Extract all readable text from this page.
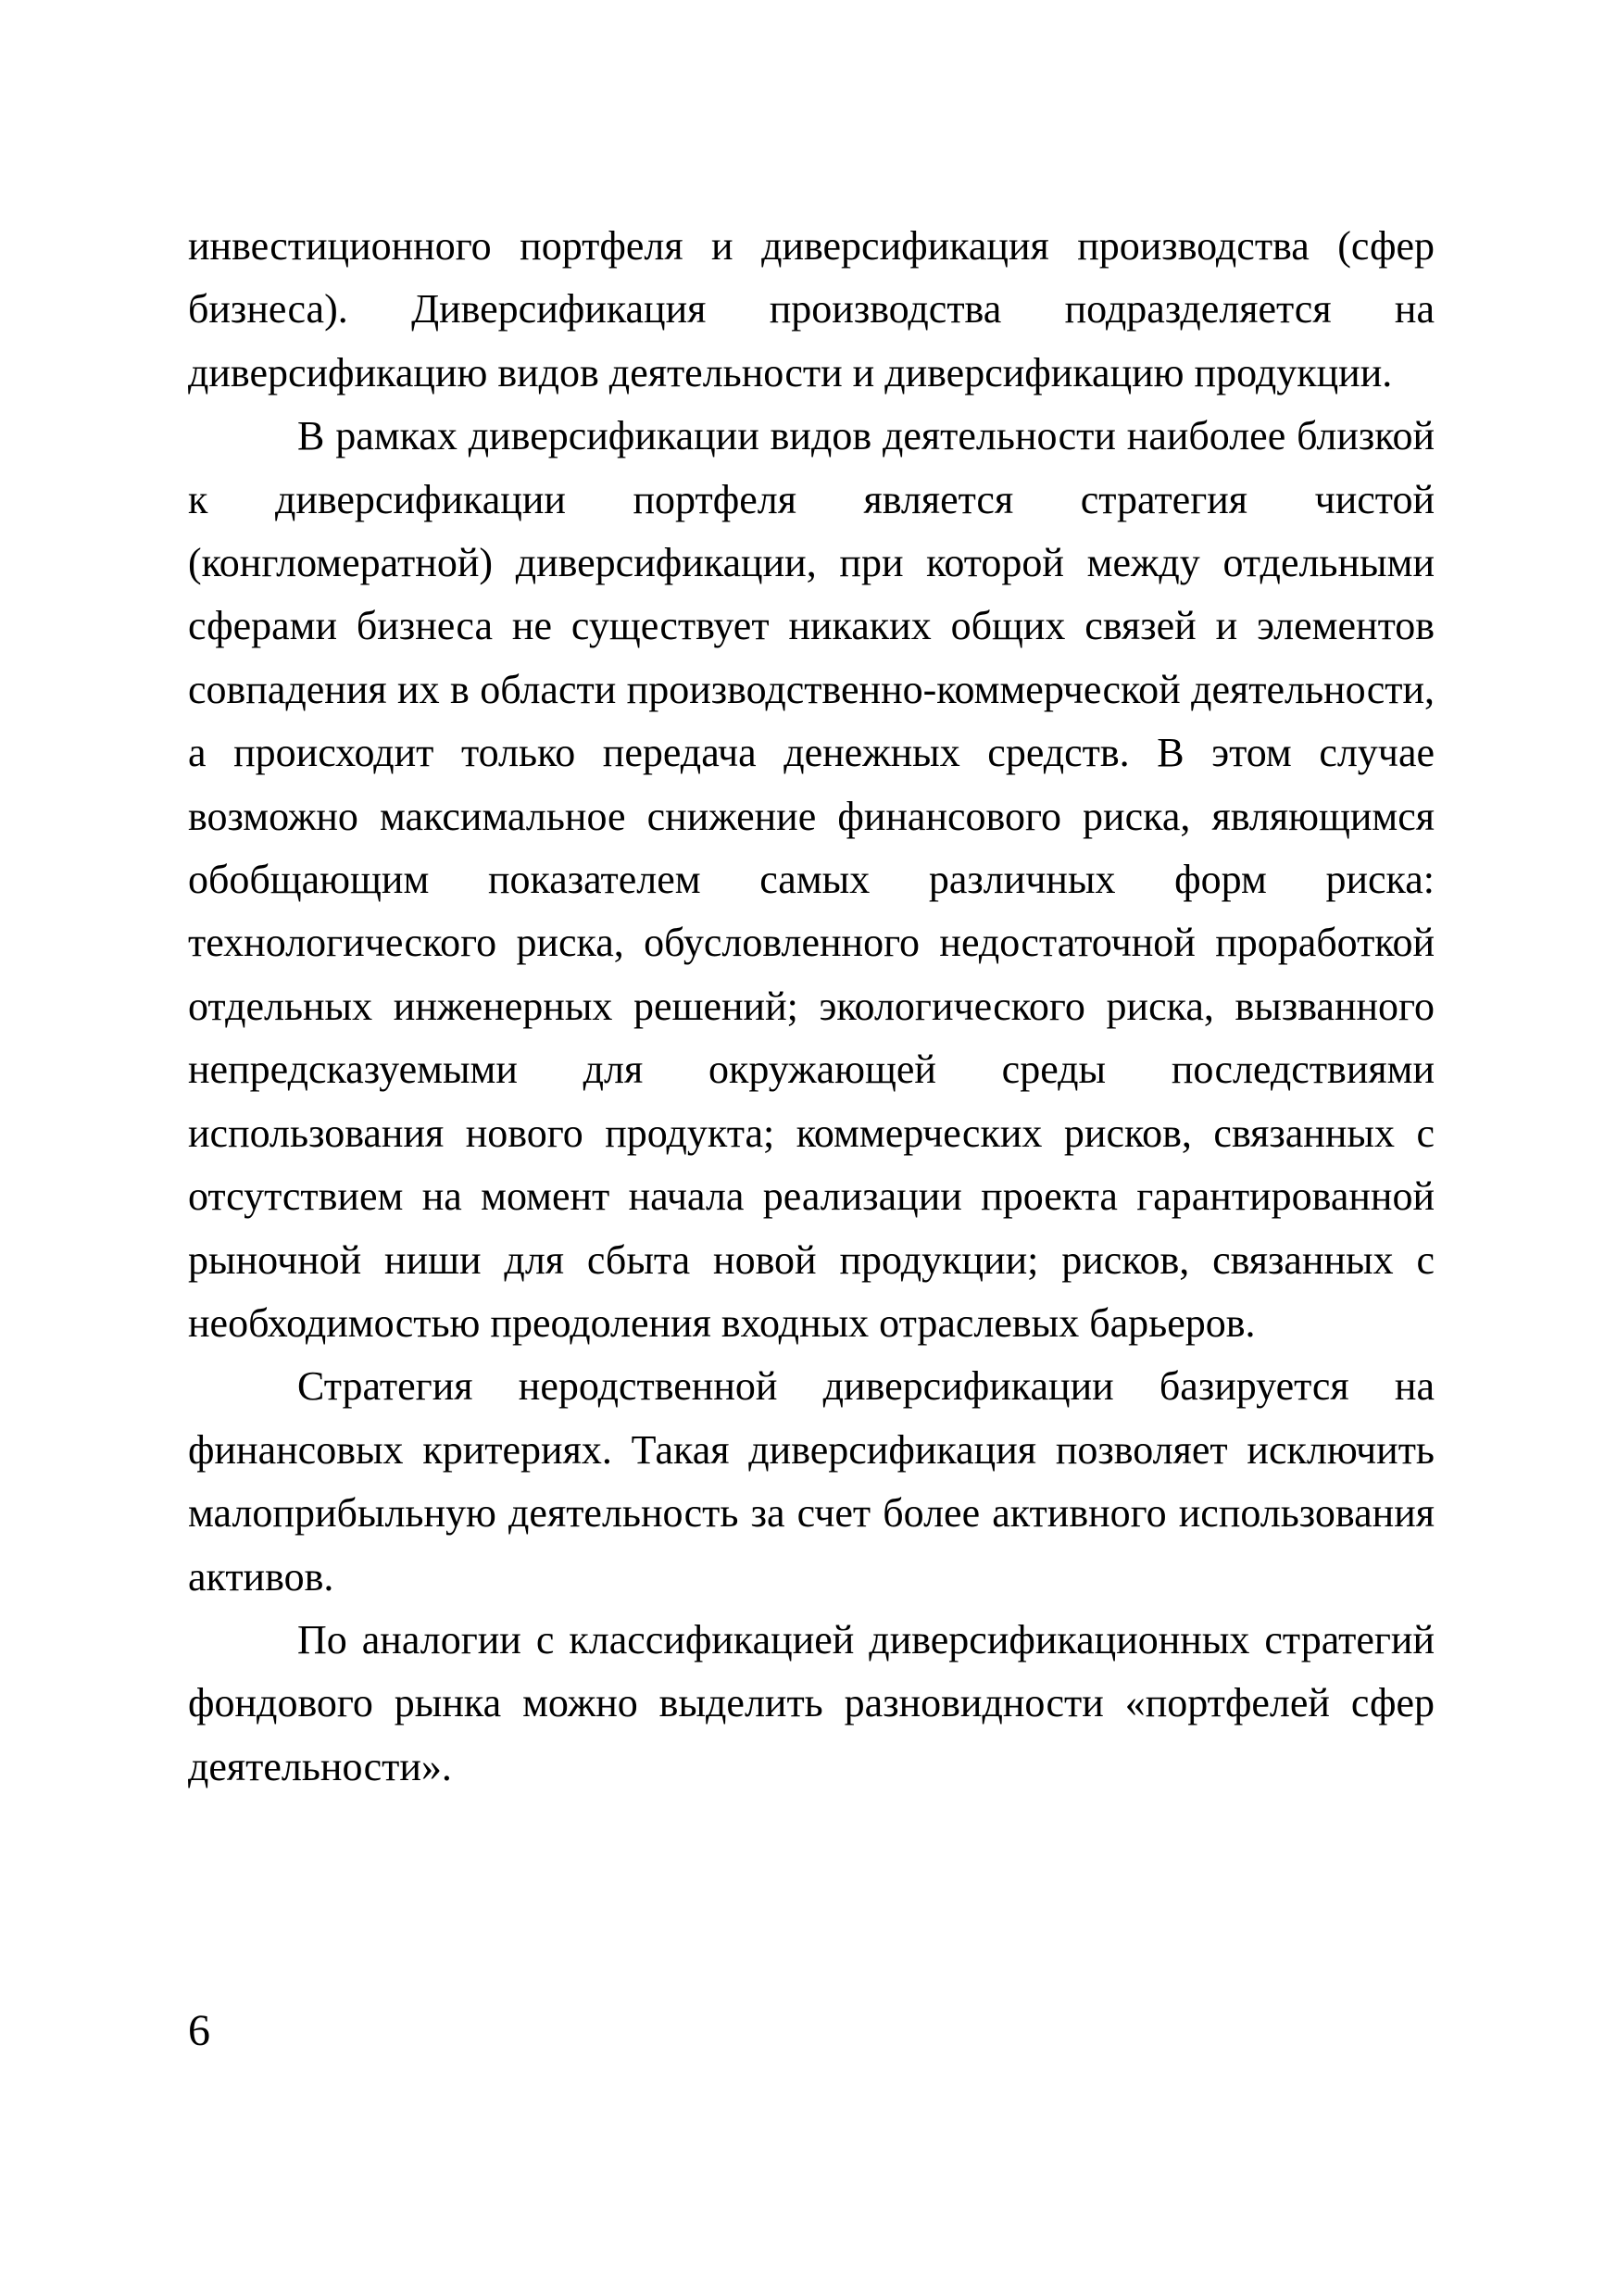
инвестиционного портфеля и диверсификация производства (сфер бизнеса). Диверсификация производства подразделяется на диверсификацию видов деятельности и диверсификацию продукции.

В рамках диверсификации видов деятельности наиболее близкой к диверсификации портфеля является стратегия чистой (конгломератной) диверсификации, при которой между отдельными сферами бизнеса не существует никаких общих связей и элементов совпадения их в области производственно-коммерческой деятельности, а происходит только передача денежных средств. В этом случае возможно максимальное снижение финансового риска, являющимся обобщающим показателем самых различных форм риска: технологического риска, обусловленного недостаточной проработкой отдельных инженерных решений; экологического риска, вызванного непредсказуемыми для окружающей среды последствиями использования нового продукта; коммерческих рисков, связанных с отсутствием на момент начала реализации проекта гарантированной рыночной ниши для сбыта новой продукции; рисков, связанных с необходимостью преодоления входных отраслевых барьеров.

Стратегия неродственной диверсификации базируется на финансовых критериях. Такая диверсификация позволяет исключить малоприбыльную деятельность за счет более активного использования активов.

По аналогии с классификацией диверсификационных стратегий фондового рынка можно выделить разновидности «портфелей сфер деятельности».

6
